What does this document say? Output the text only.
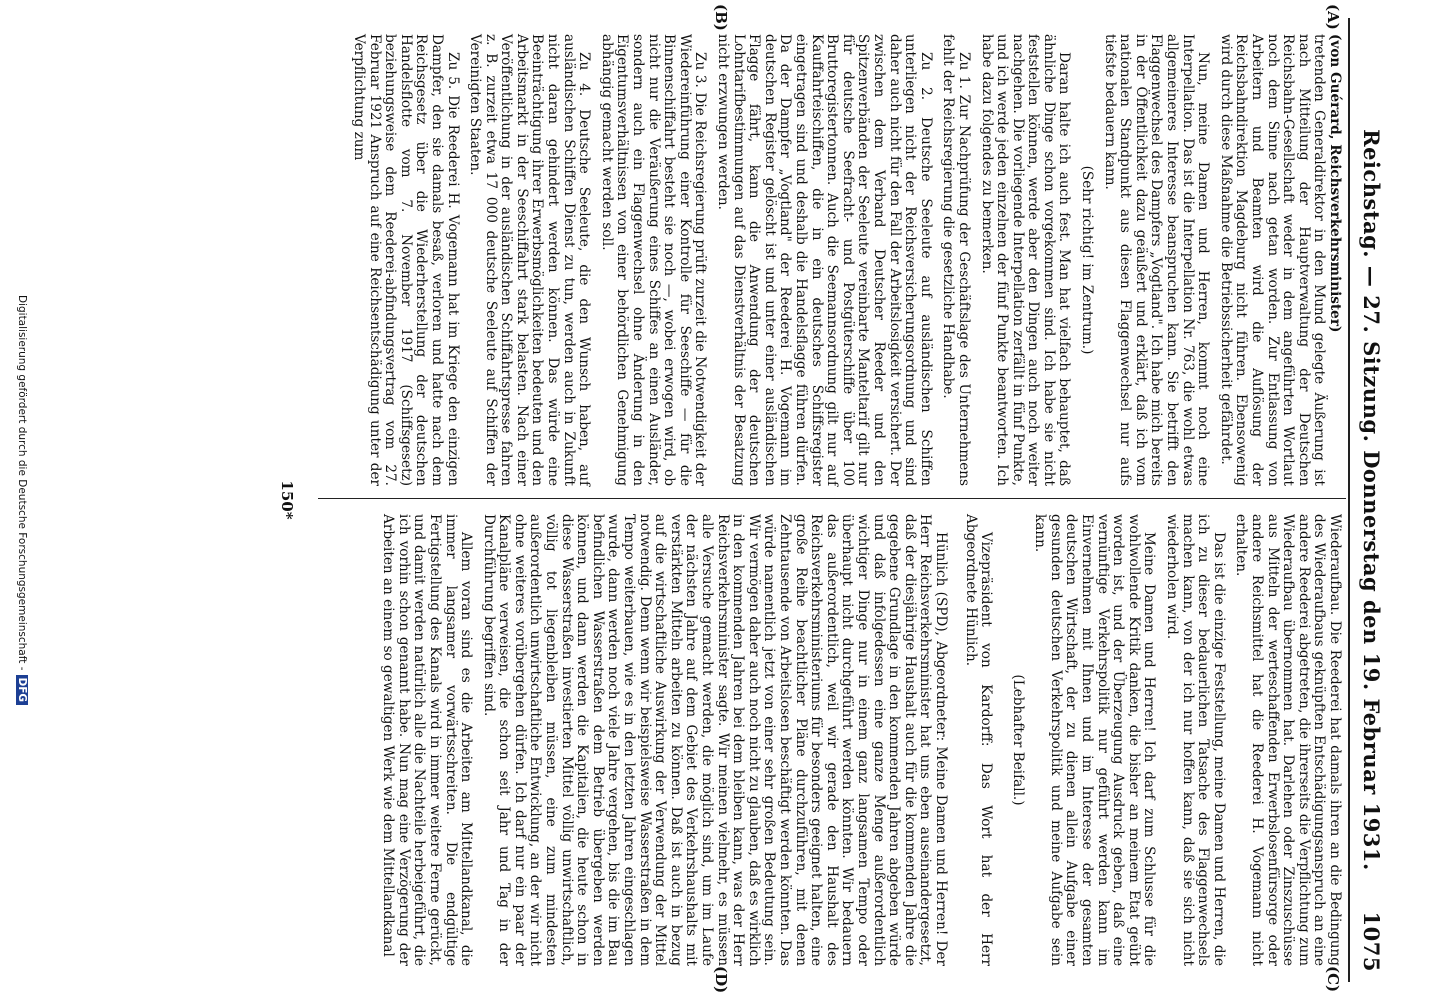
Reichstag. — 27. Sitzung. Donnerstag den 19. Februar 1931.
1075
(A)
(B)
(C)
(D)

(von Guérard, Reichsverkehrsminister)

tretenden Generaldirektor in den Mund gelegte Äußerung ist nach Mitteilung der Hauptverwaltung der Deutschen Reichsbahn-Gesellschaft weder in dem angeführten Wortlaut noch dem Sinne nach getan worden. Zur Entlassung von Arbeitern und Beamten wird die Auflösung der Reichsbahndirektion Magdeburg nicht führen. Ebensowenig wird durch diese Maßnahme die Betriebssicherheit gefährdet.

Nun, meine Damen und Herren, kommt noch eine Interpellation. Das ist die Interpellation Nr. 763, die wohl etwas allgemeineres Interesse beanspruchen kann. Sie betrifft den Flaggenwechsel des Dampfers „Vogtland". Ich habe mich bereits in der Öffentlichkeit dazu geäußert und erklärt, daß ich vom nationalen Standpunkt aus diesen Flaggenwechsel nur aufs tiefste bedauern kann.

(Sehr richtig! im Zentrum.)

Daran halte ich auch fest. Man hat vielfach behauptet, daß ähnliche Dinge schon vorgekommen sind. Ich habe sie nicht feststellen können, werde aber den Dingen auch noch weiter nachgehen. Die vorliegende Interpellation zerfällt in fünf Punkte, und ich werde jeden einzelnen der fünf Punkte beantworten. Ich habe dazu folgendes zu bemerken.

Zu 1. Zur Nachprüfung der Geschäftslage des Unternehmens fehlt der Reichsregierung die gesetzliche Handhabe.

Zu 2. Deutsche Seeleute auf ausländischen Schiffen unterliegen nicht der Reichsversicherungsordnung und sind daher auch nicht für den Fall der Arbeitslosigkeit versichert. Der zwischen dem Verband Deutscher Reeder und den Spitzenverbänden der Seeleute vereinbarte Manteltarif gilt nur für deutsche Seefracht- und Postgüterschiffe über 100 Bruttoregistertonnen. Auch die Seemannsordnung gilt nur auf Kauffahrteischiffen, die in ein deutsches Schiffsregister eingetragen sind und deshalb die Handelsflagge führen dürfen. Da der Dampfer „Vogtland" der Reederei H. Vogemann im deutschen Register gelöscht ist und unter einer ausländischen Flagge fährt, kann die Anwendung der deutschen Lohntarifbestimmungen auf das Dienstverhältnis der Besatzung nicht erzwungen werden.

Zu 3. Die Reichsregierung prüft zurzeit die Notwendigkeit der Wiedereinführung einer Kontrolle für Seeschiffe — für die Binnenschiffahrt besteht sie noch —, wobei erwogen wird, ob nicht nur die Veräußerung eines Schiffes an einen Ausländer, sondern auch ein Flaggenwechsel ohne Änderung in den Eigentumsverhältnissen von einer behördlichen Genehmigung abhängig gemacht werden soll.

Zu 4. Deutsche Seeleute, die den Wunsch haben, auf ausländischen Schiffen Dienst zu tun, werden auch in Zukunft nicht daran gehindert werden können. Das würde eine Beeinträchtigung ihrer Erwerbsmöglichkeiten bedeuten und den Arbeitsmarkt in der Seeschiffahrt stark belasten. Nach einer Veröffentlichung in der ausländischen Schiffahrtspresse fahren z. B. zurzeit etwa 17 000 deutsche Seeleute auf Schiffen der Vereinigten Staaten.

Zu 5. Die Reederei H. Vogemann hat im Kriege den einzigen Dampfer, den sie damals besaß, verloren und hatte nach dem Reichsgesetz über die Wiederherstellung der deutschen Handelsflotte vom 7. November 1917 (Schiffsgesetz) beziehungsweise dem Reederei-abfindungsvertrag vom 27. Februar 1921 Anspruch auf eine Reichsentschädigung unter der Verpflichtung zum

Wiederaufbau. Die Reederei hat damals ihren an die Bedingung des Wiederaufbaus geknüpften Entschädigungsanspruch an eine andere Reederei abgetreten, die ihrerseits die Verpflichtung zum Wiederaufbau übernommen hat. Darlehen oder Zinszuschüsse aus Mitteln der werteschaffenden Erwerbslosenfürsorge oder andere Reichsmittel hat die Reederei H. Vogemann nicht erhalten.

Das ist die einzige Feststellung, meine Damen und Herren, die ich zu dieser bedauerlichen Tatsache des Flaggenwechsels machen kann, von der ich nur hoffen kann, daß sie sich nicht wiederholen wird.

Meine Damen und Herren! Ich darf zum Schlusse für die wohlwollende Kritik danken, die bisher an meinem Etat geübt worden ist, und der Überzeugung Ausdruck geben, daß eine vernünftige Verkehrspolitik nur geführt werden kann im Einvernehmen mit Ihnen und im Interesse der gesamten deutschen Wirtschaft, der zu dienen allein Aufgabe einer gesunden deutschen Verkehrspolitik und meine Aufgabe sein kann.

(Lebhafter Beifall.)

Vizepräsident von Kardorff: Das Wort hat der Herr Abgeordnete Hünlich.

Hünlich (SPD), Abgeordneter: Meine Damen und Herren! Der Herr Reichsverkehrsminister hat uns eben auseinandergesetzt, daß der diesjährige Haushalt auch für die kommenden Jahre die gegebene Grundlage in den kommenden Jahren abgeben würde und daß infolgedessen eine ganze Menge außerordentlich wichtiger Dinge nur in einem ganz langsamen Tempo oder überhaupt nicht durchgeführt werden könnten. Wir bedauern das außerordentlich, weil wir gerade den Haushalt des Reichsverkehrsministeriums für besonders geeignet halten, eine große Reihe beachtlicher Pläne durchzuführen, mit denen Zehntausende von Arbeitslosen beschäftigt werden könnten. Das würde namentlich jetzt von einer sehr großen Bedeutung sein. Wir vermögen daher auch noch nicht zu glauben, daß es wirklich in den kommenden Jahren bei dem bleiben kann, was der Herr Reichsverkehrsminister sagte. Wir meinen vielmehr, es müssen alle Versuche gemacht werden, die möglich sind, um im Laufe der nächsten Jahre auf dem Gebiet des Verkehrshaushalts mit verstärkten Mitteln arbeiten zu können. Daß ist auch in bezug auf die wirtschaftliche Auswirkung der Verwendung der Mittel notwendig. Denn wenn wir beispielsweise Wasserstraßen in dem Tempo weiterbauen, wie es in den letzten Jahren eingeschlagen wurde, dann werden noch viele Jahre vergehen, bis die im Bau befindlichen Wasserstraßen dem Betrieb übergeben werden können, und dann werden die Kapitalien, die heute schon in diese Wasserstraßen investierten Mittel völlig unwirtschaftlich, völlig tot liegenbleiben müssen, eine zum mindesten außerordentlich unwirtschaftliche Entwicklung, an der wir nicht ohne weiteres vorübergehen dürfen. Ich darf nur ein paar der Kanalpläne verweisen, die schon seit Jahr und Tag in der Durchführung begriffen sind.

Allem voran sind es die Arbeiten am Mittellandkanal, die immer langsamer vorwärtsschreiten. Die endgültige Fertigstellung des Kanals wird in immer weitere Ferne gerückt, und damit werden natürlich alle die Nachteile herbeigeführt, die ich vorhin schon genannt habe. Nun mag eine Verzögerung der Arbeiten an einem so gewaltigen Werk wie dem Mittellandkanal

150*
Digitalisierung gefördert durch die Deutsche Forschungsgemeinschaft -DFG
